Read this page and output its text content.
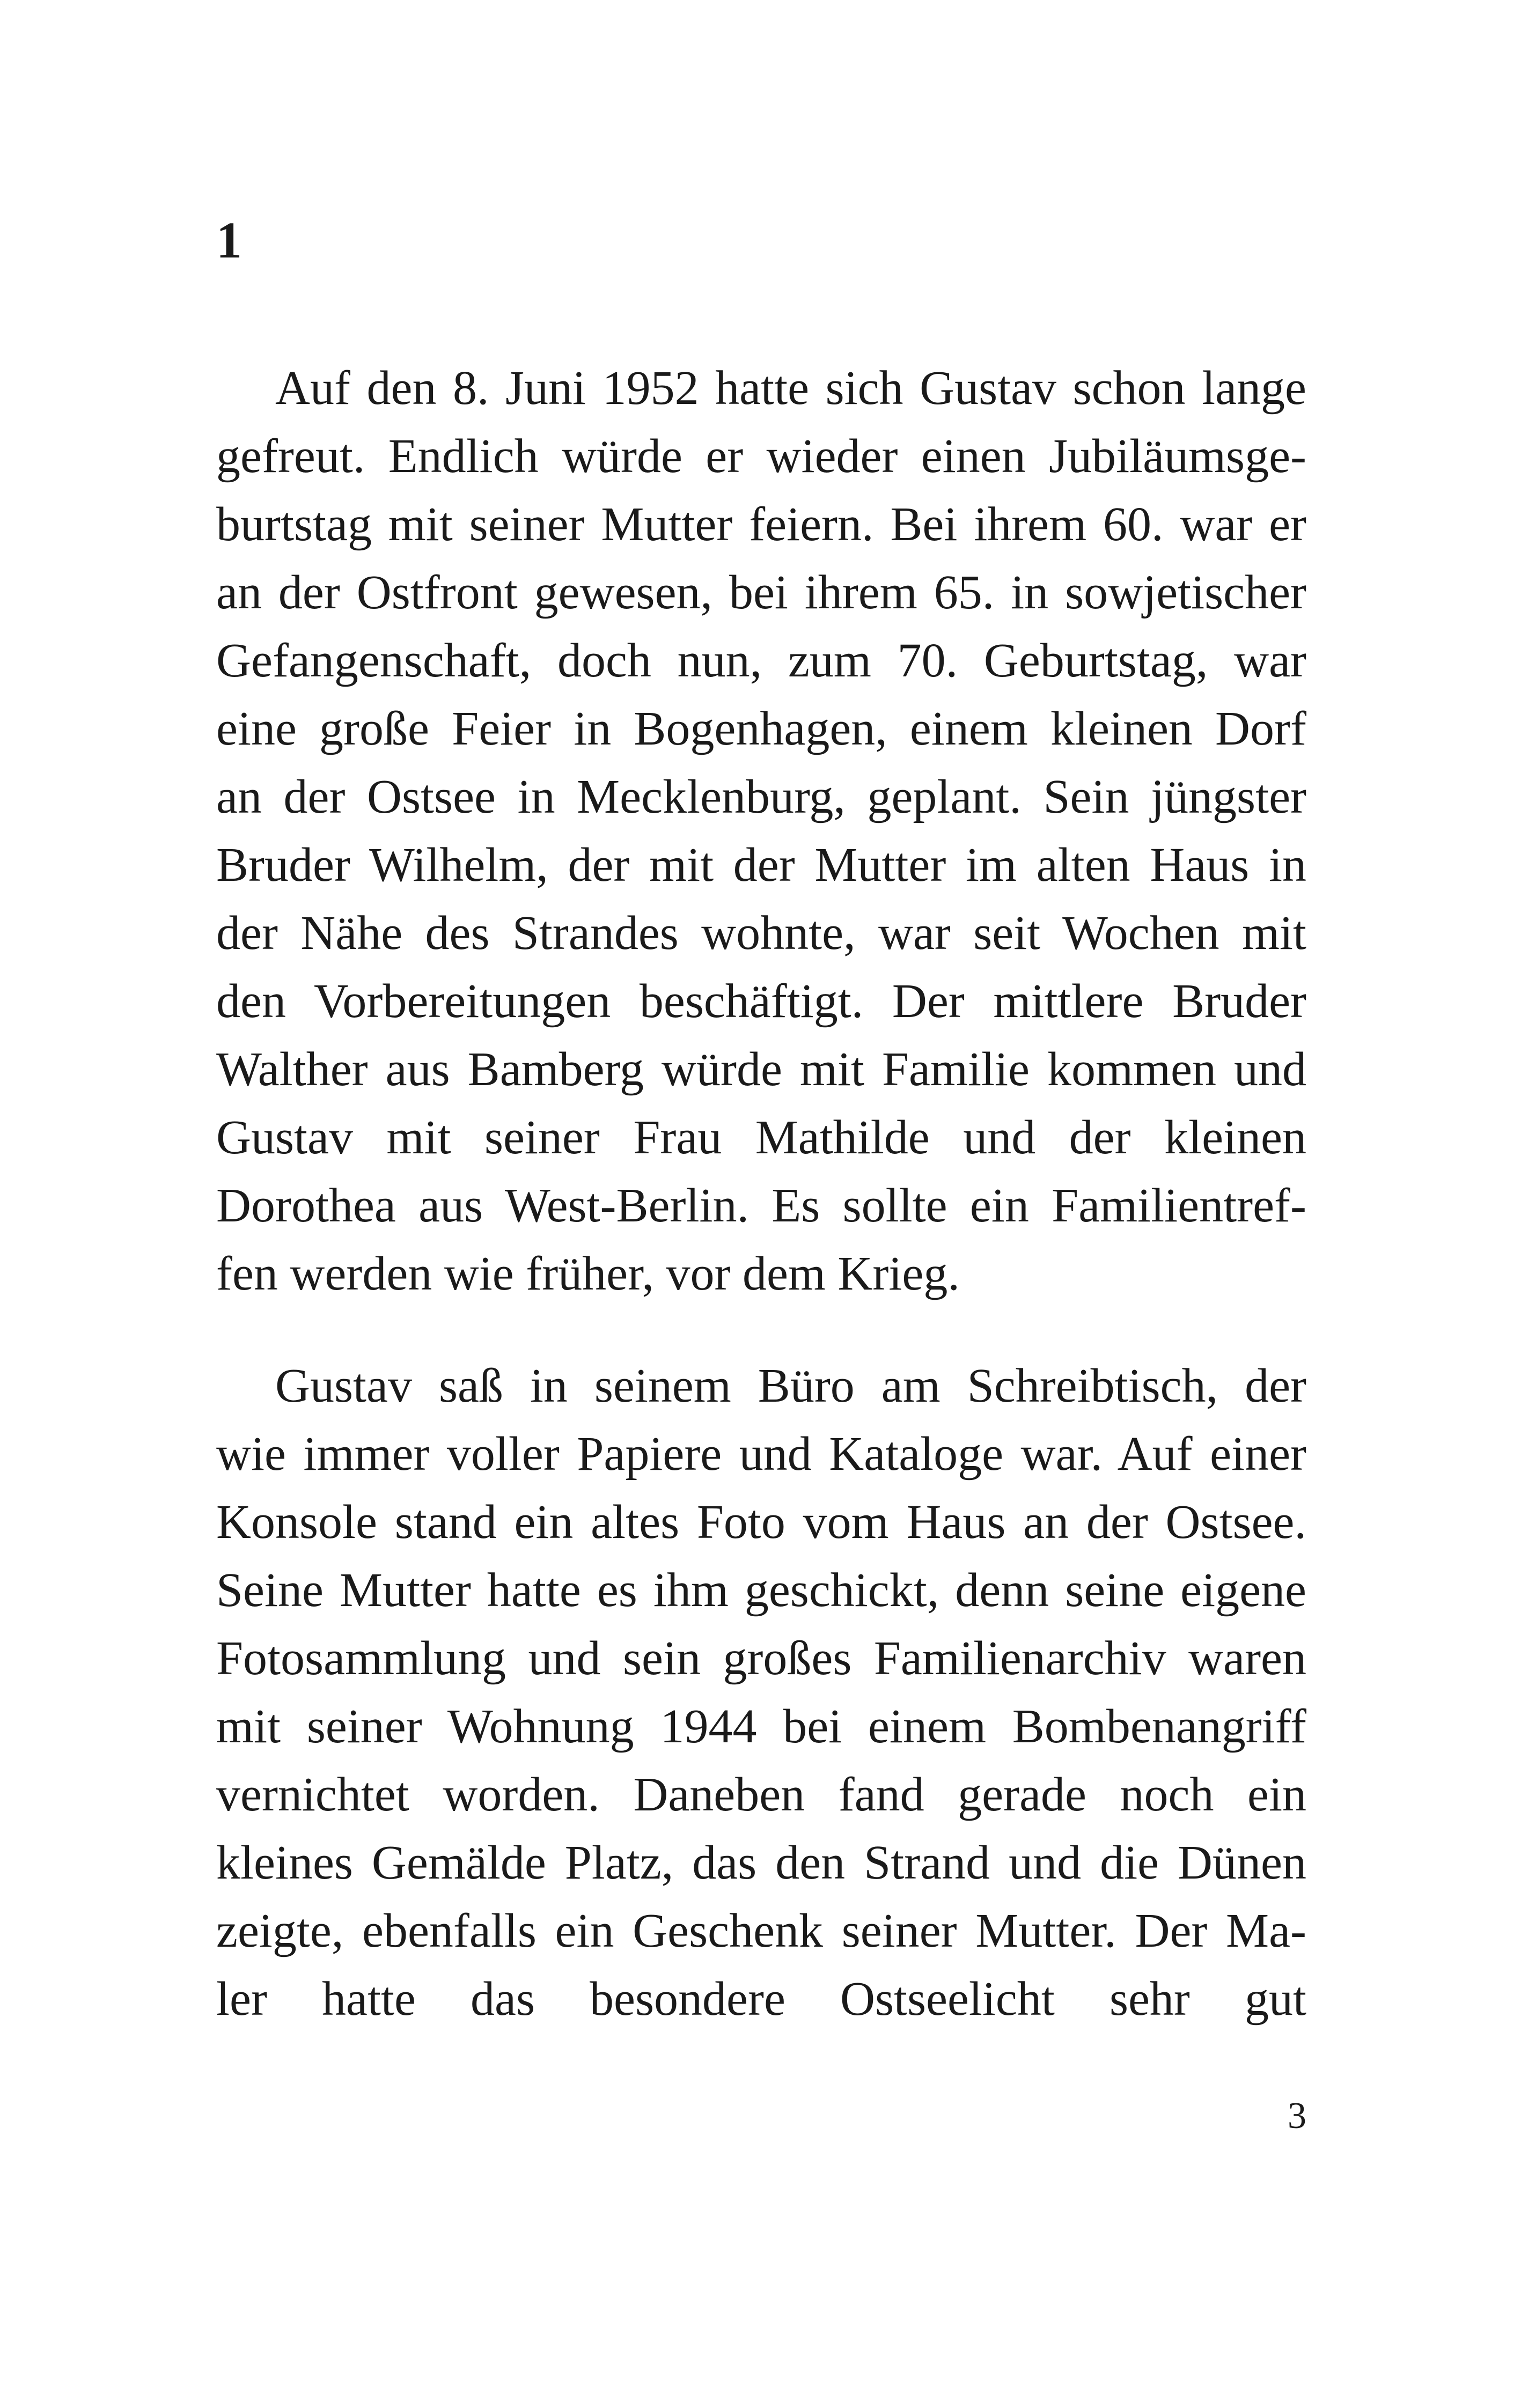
1
Auf den 8. Juni 1952 hatte sich Gustav schon lange
gefreut. Endlich würde er wieder einen Jubiläumsge-
burtstag mit seiner Mutter feiern. Bei ihrem 60. war er
an der Ostfront gewesen, bei ihrem 65. in sowjetischer
Gefangenschaft, doch nun, zum 70. Geburtstag, war
eine große Feier in Bogenhagen, einem kleinen Dorf
an der Ostsee in Mecklenburg, geplant. Sein jüngster
Bruder Wilhelm, der mit der Mutter im alten Haus in
der Nähe des Strandes wohnte, war seit Wochen mit
den Vorbereitungen beschäftigt. Der mittlere Bruder
Walther aus Bamberg würde mit Familie kommen und
Gustav mit seiner Frau Mathilde und der kleinen
Dorothea aus West-Berlin. Es sollte ein Familientref-
fen werden wie früher, vor dem Krieg.
Gustav saß in seinem Büro am Schreibtisch, der
wie immer voller Papiere und Kataloge war. Auf einer
Konsole stand ein altes Foto vom Haus an der Ostsee.
Seine Mutter hatte es ihm geschickt, denn seine eigene
Fotosammlung und sein großes Familienarchiv waren
mit seiner Wohnung 1944 bei einem Bombenangriff
vernichtet worden. Daneben fand gerade noch ein
kleines Gemälde Platz, das den Strand und die Dünen
zeigte, ebenfalls ein Geschenk seiner Mutter. Der Ma-
ler hatte das besondere Ostseelicht sehr gut

3
